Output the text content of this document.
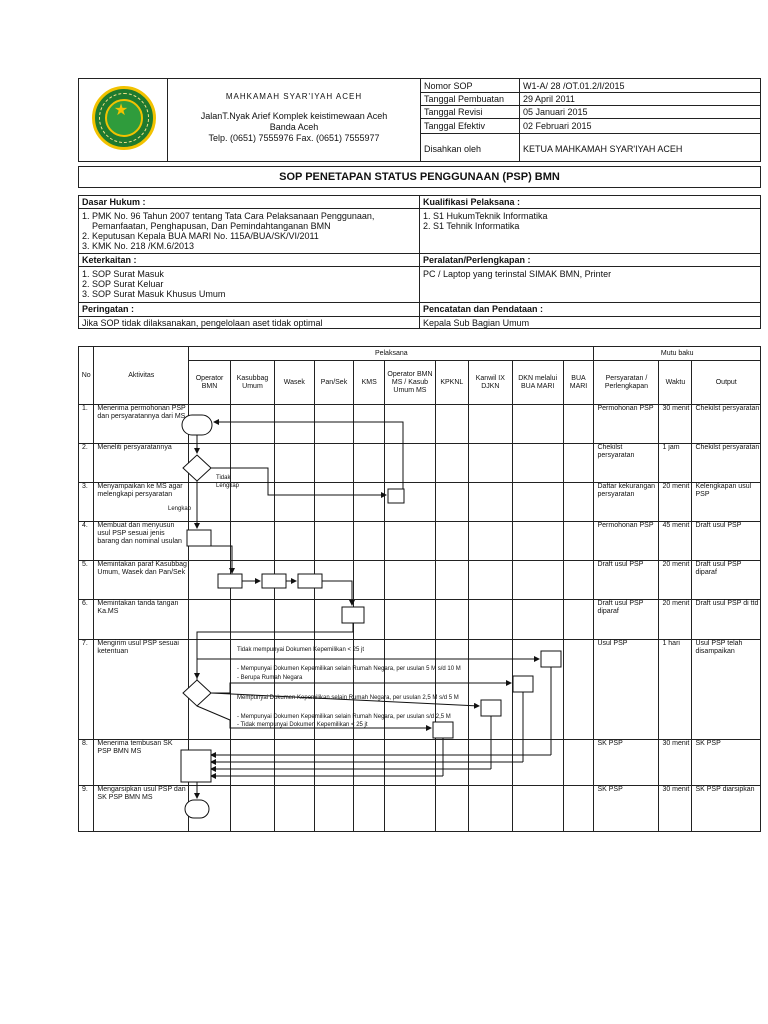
★
MAHKAMAH SYAR'IYAH ACEH
JalanT.Nyak Arief Komplek keistimewaan Aceh
Banda Aceh
Telp. (0651) 7555976 Fax. (0651) 7555977
Nomor SOP	W1-A/ 28 /OT.01.2/I/2015
Tanggal Pembuatan 29 April 2011
Tanggal Revisi	05 Januari 2015
Tanggal Efektiv	02 Februari 2015
Disahkan oleh	KETUA MAHKAMAH SYAR'IYAH ACEH
SOP PENETAPAN STATUS PENGGUNAAN (PSP) BMN
Dasar Hukum :
1. PMK No. 96 Tahun 2007 tentang Tata Cara Pelaksanaan Penggunaan,
Pemanfaatan, Penghapusan, Dan Pemindahtanganan BMN
2. Keputusan Kepala BUA MARI No. 115A/BUA/SK/VI/2011
3. KMK No. 218 /KM.6/2013
Kualifikasi Pelaksana :
1. S1 HukumTeknik Informatika
2. S1 Tehnik Informatika
Keterkaitan :
1. SOP Surat Masuk
2. SOP Surat Keluar
3. SOP Surat Masuk Khusus Umum
Peralatan/Perlengkapan :
PC / Laptop yang terinstal SIMAK BMN, Printer
Peringatan :
Jika SOP tidak dilaksanakan, pengelolaan aset tidak optimal
Pencatatan dan Pendataan :
Kepala Sub Bagian Umum
No	Aktivitas	Pelaksana										Mutu baku		
		Operator BMN	Kasubbag Umum	Wasek	Pan/Sek	KMS	Operator BMN MS / Kasub Umum MS	KPKNL	Kanwil IX DJKN	DKN melalui BUA MARI	BUA MARI	Persyaratan / Perlengkapan	Waktu	Output
1.	Menerima permohonan PSP dan persyaratannya dari MS											Permohonan PSP	30 menit	Chekilst persyaratan
2.	Meneliti persyaratannya											Chekilst persyaratan	1 jam	Chekilst persyaratan
3.	Menyampaikan ke MS agar melengkapi persyaratan											Daftar kekurangan persyaratan	20 menit	Kelengkapan usul PSP
4.	Membuat dan menyusun usul PSP sesuai jenis barang dan nominal usulan											Permohonan PSP	45 menit	Draft usul PSP
5.	Memintakan paraf Kasubbag Umum, Wasek dan Pan/Sek											Draft usul PSP	20 menit	Draft usul PSP diparaf
6.	Memintakan tanda tangan Ka.MS											Draft usul PSP diparaf	20 menit	Draft usul PSP di ttd
7.	Mengirim usul PSP sesuai ketentuan											Usul PSP	1 hari	Usul PSP telah disampaikan
8.	Menerima tembusan SK PSP BMN MS											SK PSP	30 menit	SK PSP
9.	Mengarsipkan usul PSP dan SK PSP BMN MS											SK PSP	30 menit	SK PSP diarsipkan
Tidak
Lengkap
Lengkap
Tidak mempunyai Dokumen Kepemilikan < 25 jt
- Mempunyai Dokumen Kepemilikan selain Rumah Negara, per usulan 5 M s/d 10 M
- Berupa Rumah Negara
Mempunyai Dokumen Kepemilikan selain Rumah Negara, per usulan 2,5 M s/d 5 M
- Mempunyai Dokumen Kepemilikan selain Rumah Negara, per usulan s/d 2,5 M
- Tidak mempunyai Dokumen Kepemilikan < 25 jt
